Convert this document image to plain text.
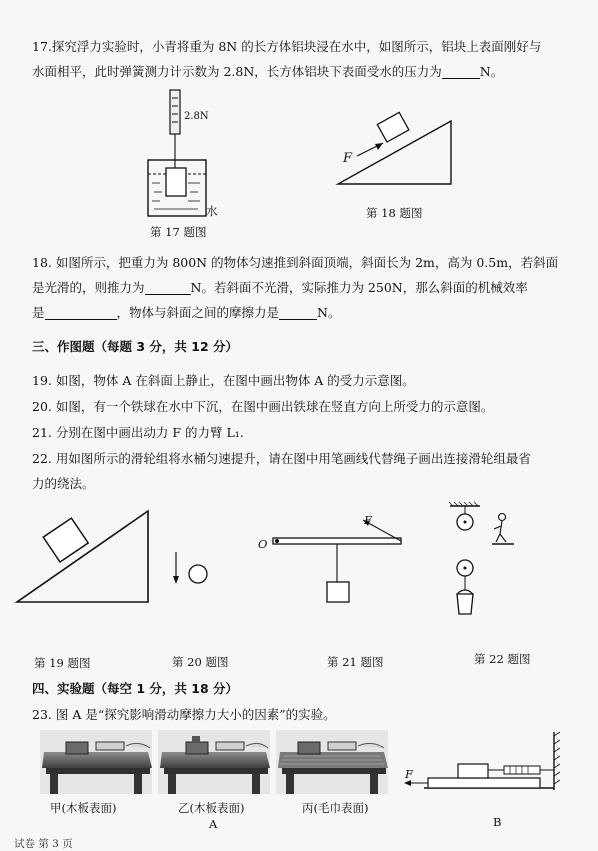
17.探究浮力实验时，小青将重为 8N 的长方体铝块浸在水中，如图所示，铝块上表面刚好与
水面相平，此时弹簧测力计示数为 2.8N，长方体铝块下表面受水的压力为	N。
2.8N
水
第 17 题图
F
第 18 题图
18. 如图所示，把重力为 800N 的物体匀速推到斜面顶端，斜面长为 2m，高为 0.5m，若斜面
是光滑的，则推力为	N。若斜面不光滑，实际推力为 250N，那么斜面的机械效率
是	，物体与斜面之间的摩擦力是	N。
三、作图题（每题 3 分，共 12 分）
19. 如图，物体 A 在斜面上静止，在图中画出物体 A 的受力示意图。
20. 如图，有一个铁球在水中下沉，在图中画出铁球在竖直方向上所受力的示意图。
21. 分别在图中画出动力 F 的力臂 L₁.
22. 用如图所示的滑轮组将水桶匀速提升，请在图中用笔画线代替绳子画出连接滑轮组最省
力的绕法。
第 19 题图	第 20 题图
O
F
第 21 题图	第 22 题图
四、实验题（每空 1 分，共 18 分）
23. 图 A 是“探究影响滑动摩擦力大小的因素”的实验。
F
甲(木板表面)	乙(木板表面)	丙(毛巾表面)
A	B
试卷 第 3 页
